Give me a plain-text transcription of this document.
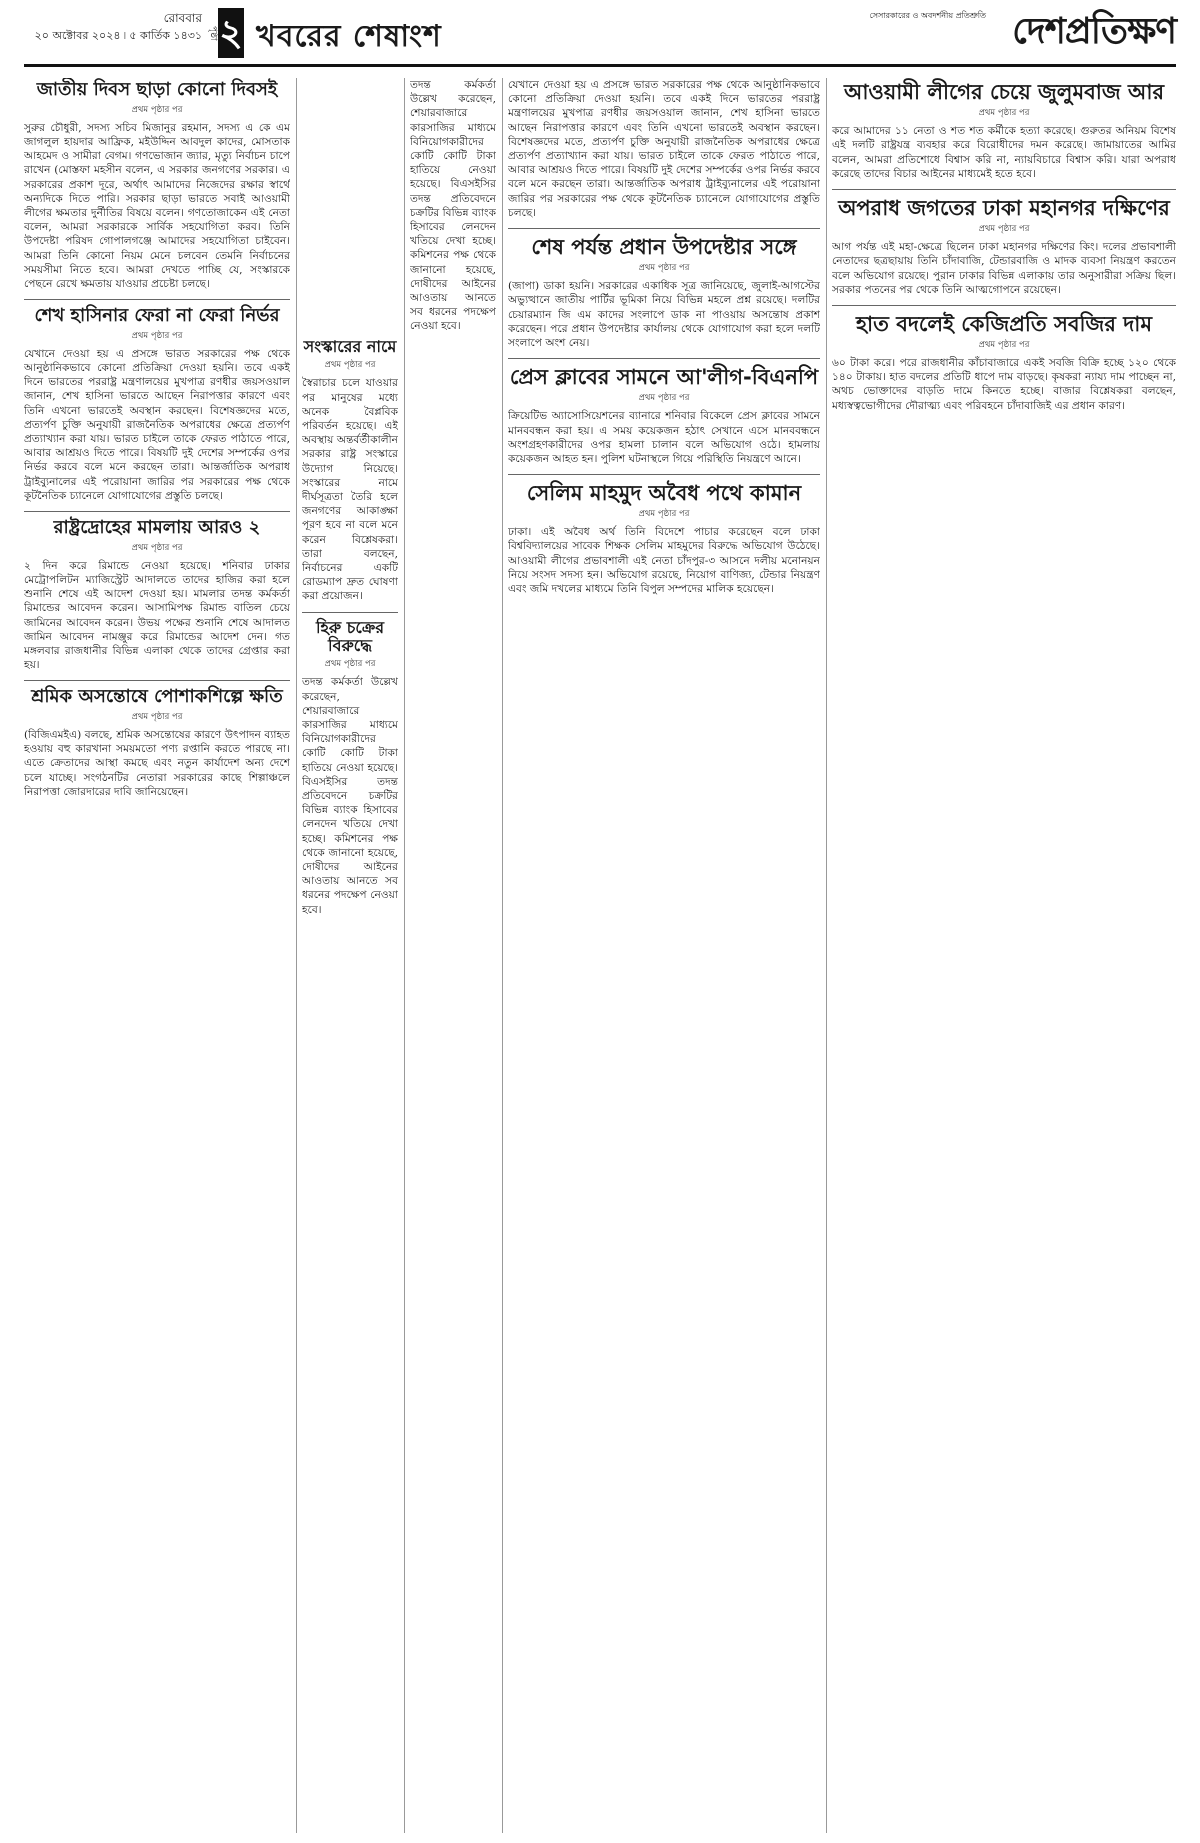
রোববার
২০ অক্টোবর ২০২৪ ৷ ৫ কার্তিক ১৪৩১ পৃষ্ঠা ২ খবরের শেষাংশ
সেসারকারের ও অবদর্শনীয় প্রতিশ্রুতি দেশপ্রতিক্ষণ
জাতীয় দিবস ছাড়া কোনো দিবসই
প্রথম পৃষ্ঠার পর

সুরুর চৌধুরী, সদস্য সচিব মিজানুর রহমান, সদস্য এ কে এম জাগলুল হায়দার আফ্রিক, মইউদ্দিন আবদুল কাদের, মোসতাক আহমেদ ও সামীরা বেগম। গণভোজান জ্যার, মৃত্যু নির্বাচন চাপে রাখেন (মোস্তফা মহসীন বলেন, এ সরকার জনগণের সরকার। এ সরকারের প্রকাশ দূরে, অর্থাৎ আমাদের নিজেদের রক্ষার স্বার্থে অন্যদিকে দিতে পারি। সরকার ছাড়া ভারতে সবাই আওয়ামী লীগের ক্ষমতার দুর্নীতির বিষয়ে বলেন। গণতোজাকেন এই নেতা বলেন, আমরা সরকারকে সার্বিক সহযোগিতা করব। তিনি উপদেষ্টা পরিষদ গোপালগঞ্জে আমাদের সহযোগিতা চাইবেন। আমরা তিনি কোনো নিয়ম মেনে চলবেন তেমনি নির্বাচনের সময়সীমা নিতে হবে। আমরা দেখতে পাচ্ছি যে, সংস্কারকে পেছনে রেখে ক্ষমতায় যাওয়ার প্রচেষ্টা চলছে।

শেখ হাসিনার ফেরা না ফেরা নির্ভর
প্রথম পৃষ্ঠার পর

যেখানে দেওয়া হয় এ প্রসঙ্গে ভারত সরকারের পক্ষ থেকে আনুষ্ঠানিকভাবে কোনো প্রতিক্রিয়া দেওয়া হয়নি। তবে একই দিনে ভারতের পররাষ্ট্র মন্ত্রণালয়ের মুখপাত্র রণধীর জয়সওয়াল জানান, শেখ হাসিনা ভারতে আছেন নিরাপত্তার কারণে এবং তিনি এখনো ভারতেই অবস্থান করছেন। বিশেষজ্ঞদের মতে, প্রত্যর্পণ চুক্তি অনুযায়ী রাজনৈতিক অপরাধের ক্ষেত্রে প্রত্যর্পণ প্রত্যাখ্যান করা যায়। ভারত চাইলে তাকে ফেরত পাঠাতে পারে, আবার আশ্রয়ও দিতে পারে। বিষয়টি দুই দেশের সম্পর্কের ওপর নির্ভর করবে বলে মনে করছেন তারা। আন্তর্জাতিক অপরাধ ট্রাইব্যুনালের এই পরোয়ানা জারির পর সরকারের পক্ষ থেকে কূটনৈতিক চ্যানেলে যোগাযোগের প্রস্তুতি চলছে।

রাষ্ট্রদ্রোহের মামলায় আরও ২
প্রথম পৃষ্ঠার পর

২ দিন করে রিমান্ডে নেওয়া হয়েছে। শনিবার ঢাকার মেট্রোপলিটন ম্যাজিস্ট্রেট আদালতে তাদের হাজির করা হলে শুনানি শেষে এই আদেশ দেওয়া হয়। মামলার তদন্ত কর্মকর্তা রিমান্ডের আবেদন করেন। আসামিপক্ষ রিমান্ড বাতিল চেয়ে জামিনের আবেদন করেন। উভয় পক্ষের শুনানি শেষে আদালত জামিন আবেদন নামঞ্জুর করে রিমান্ডের আদেশ দেন। গত মঙ্গলবার রাজধানীর বিভিন্ন এলাকা থেকে তাদের গ্রেপ্তার করা হয়।

শ্রমিক অসন্তোষে পোশাকশিল্পে ক্ষতি
প্রথম পৃষ্ঠার পর

(বিজিএমইএ) বলছে, শ্রমিক অসন্তোষের কারণে উৎপাদন ব্যাহত হওয়ায় বহু কারখানা সময়মতো পণ্য রপ্তানি করতে পারছে না। এতে ক্রেতাদের আস্থা কমছে এবং নতুন কার্যাদেশ অন্য দেশে চলে যাচ্ছে। সংগঠনটির নেতারা সরকারের কাছে শিল্পাঞ্চলে নিরাপত্তা জোরদারের দাবি জানিয়েছেন।

সংস্কারের নামে
প্রথম পৃষ্ঠার পর

স্বৈরাচার চলে যাওয়ার পর মানুষের মধ্যে অনেক বৈপ্লবিক পরিবর্তন হয়েছে। এই অবস্থায় অন্তর্বর্তীকালীন সরকার রাষ্ট্র সংস্কারে উদ্যোগ নিয়েছে। সংস্কারের নামে দীর্ঘসূত্রতা তৈরি হলে জনগণের আকাঙ্ক্ষা পূরণ হবে না বলে মনে করেন বিশ্লেষকরা। তারা বলছেন, নির্বাচনের একটি রোডম্যাপ দ্রুত ঘোষণা করা প্রয়োজন।

হিরু চক্রের বিরুদ্ধে
প্রথম পৃষ্ঠার পর

তদন্ত কর্মকর্তা উল্লেখ করেছেন, শেয়ারবাজারে কারসাজির মাধ্যমে বিনিয়োগকারীদের কোটি কোটি টাকা হাতিয়ে নেওয়া হয়েছে। বিএসইসির তদন্ত প্রতিবেদনে চক্রটির বিভিন্ন ব্যাংক হিসাবের লেনদেন খতিয়ে দেখা হচ্ছে। কমিশনের পক্ষ থেকে জানানো হয়েছে, দোষীদের আইনের আওতায় আনতে সব ধরনের পদক্ষেপ নেওয়া হবে।

তদন্ত কর্মকর্তা উল্লেখ করেছেন, শেয়ারবাজারে কারসাজির মাধ্যমে বিনিয়োগকারীদের কোটি কোটি টাকা হাতিয়ে নেওয়া হয়েছে। বিএসইসির তদন্ত প্রতিবেদনে চক্রটির বিভিন্ন ব্যাংক হিসাবের লেনদেন খতিয়ে দেখা হচ্ছে। কমিশনের পক্ষ থেকে জানানো হয়েছে, দোষীদের আইনের আওতায় আনতে সব ধরনের পদক্ষেপ নেওয়া হবে।

যেখানে দেওয়া হয় এ প্রসঙ্গে ভারত সরকারের পক্ষ থেকে আনুষ্ঠানিকভাবে কোনো প্রতিক্রিয়া দেওয়া হয়নি। তবে একই দিনে ভারতের পররাষ্ট্র মন্ত্রণালয়ের মুখপাত্র রণধীর জয়সওয়াল জানান, শেখ হাসিনা ভারতে আছেন নিরাপত্তার কারণে এবং তিনি এখনো ভারতেই অবস্থান করছেন। বিশেষজ্ঞদের মতে, প্রত্যর্পণ চুক্তি অনুযায়ী রাজনৈতিক অপরাধের ক্ষেত্রে প্রত্যর্পণ প্রত্যাখ্যান করা যায়। ভারত চাইলে তাকে ফেরত পাঠাতে পারে, আবার আশ্রয়ও দিতে পারে। বিষয়টি দুই দেশের সম্পর্কের ওপর নির্ভর করবে বলে মনে করছেন তারা। আন্তর্জাতিক অপরাধ ট্রাইব্যুনালের এই পরোয়ানা জারির পর সরকারের পক্ষ থেকে কূটনৈতিক চ্যানেলে যোগাযোগের প্রস্তুতি চলছে।

শেষ পর্যন্ত প্রধান উপদেষ্টার সঙ্গে
প্রথম পৃষ্ঠার পর

(জাপা) ডাকা হয়নি। সরকারের একাধিক সূত্র জানিয়েছে, জুলাই-আগস্টের অভ্যুত্থানে জাতীয় পার্টির ভূমিকা নিয়ে বিভিন্ন মহলে প্রশ্ন রয়েছে। দলটির চেয়ারম্যান জি এম কাদের সংলাপে ডাক না পাওয়ায় অসন্তোষ প্রকাশ করেছেন। পরে প্রধান উপদেষ্টার কার্যালয় থেকে যোগাযোগ করা হলে দলটি সংলাপে অংশ নেয়।

প্রেস ক্লাবের সামনে আ'লীগ-বিএনপি
প্রথম পৃষ্ঠার পর

ক্রিয়েটিভ অ্যাসোসিয়েশনের ব্যানারে শনিবার বিকেলে প্রেস ক্লাবের সামনে মানববন্ধন করা হয়। এ সময় কয়েকজন হঠাৎ সেখানে এসে মানববন্ধনে অংশগ্রহণকারীদের ওপর হামলা চালান বলে অভিযোগ ওঠে। হামলায় কয়েকজন আহত হন। পুলিশ ঘটনাস্থলে গিয়ে পরিস্থিতি নিয়ন্ত্রণে আনে।

সেলিম মাহমুদ অবৈধ পথে কামান
প্রথম পৃষ্ঠার পর

ঢাকা। এই অবৈধ অর্থ তিনি বিদেশে পাচার করেছেন বলে ঢাকা বিশ্ববিদ্যালয়ের সাবেক শিক্ষক সেলিম মাহমুদের বিরুদ্ধে অভিযোগ উঠেছে। আওয়ামী লীগের প্রভাবশালী এই নেতা চাঁদপুর-৩ আসনে দলীয় মনোনয়ন নিয়ে সংসদ সদস্য হন। অভিযোগ রয়েছে, নিয়োগ বাণিজ্য, টেন্ডার নিয়ন্ত্রণ এবং জমি দখলের মাধ্যমে তিনি বিপুল সম্পদের মালিক হয়েছেন।

আওয়ামী লীগের চেয়ে জুলুমবাজ আর
প্রথম পৃষ্ঠার পর

করে আমাদের ১১ নেতা ও শত শত কর্মীকে হত্যা করেছে। গুরুতর অনিয়ম বিশেষ এই দলটি রাষ্ট্রযন্ত্র ব্যবহার করে বিরোধীদের দমন করেছে। জামায়াতের আমির বলেন, আমরা প্রতিশোধে বিশ্বাস করি না, ন্যায়বিচারে বিশ্বাস করি। যারা অপরাধ করেছে তাদের বিচার আইনের মাধ্যমেই হতে হবে।

অপরাধ জগতের ঢাকা মহানগর দক্ষিণের
প্রথম পৃষ্ঠার পর

আগ পর্যন্ত এই মহা-ক্ষেত্রে ছিলেন ঢাকা মহানগর দক্ষিণের কিং। দলের প্রভাবশালী নেতাদের ছত্রছায়ায় তিনি চাঁদাবাজি, টেন্ডারবাজি ও মাদক ব্যবসা নিয়ন্ত্রণ করতেন বলে অভিযোগ রয়েছে। পুরান ঢাকার বিভিন্ন এলাকায় তার অনুসারীরা সক্রিয় ছিল। সরকার পতনের পর থেকে তিনি আত্মগোপনে রয়েছেন।

হাত বদলেই কেজিপ্রতি সবজির দাম
প্রথম পৃষ্ঠার পর

৬০ টাকা করে। পরে রাজধানীর কাঁচাবাজারে একই সবজি বিক্রি হচ্ছে ১২০ থেকে ১৪০ টাকায়। হাত বদলের প্রতিটি ধাপে দাম বাড়ছে। কৃষকরা ন্যায্য দাম পাচ্ছেন না, অথচ ভোক্তাদের বাড়তি দামে কিনতে হচ্ছে। বাজার বিশ্লেষকরা বলছেন, মধ্যস্বত্বভোগীদের দৌরাত্ম্য এবং পরিবহনে চাঁদাবাজিই এর প্রধান কারণ।
